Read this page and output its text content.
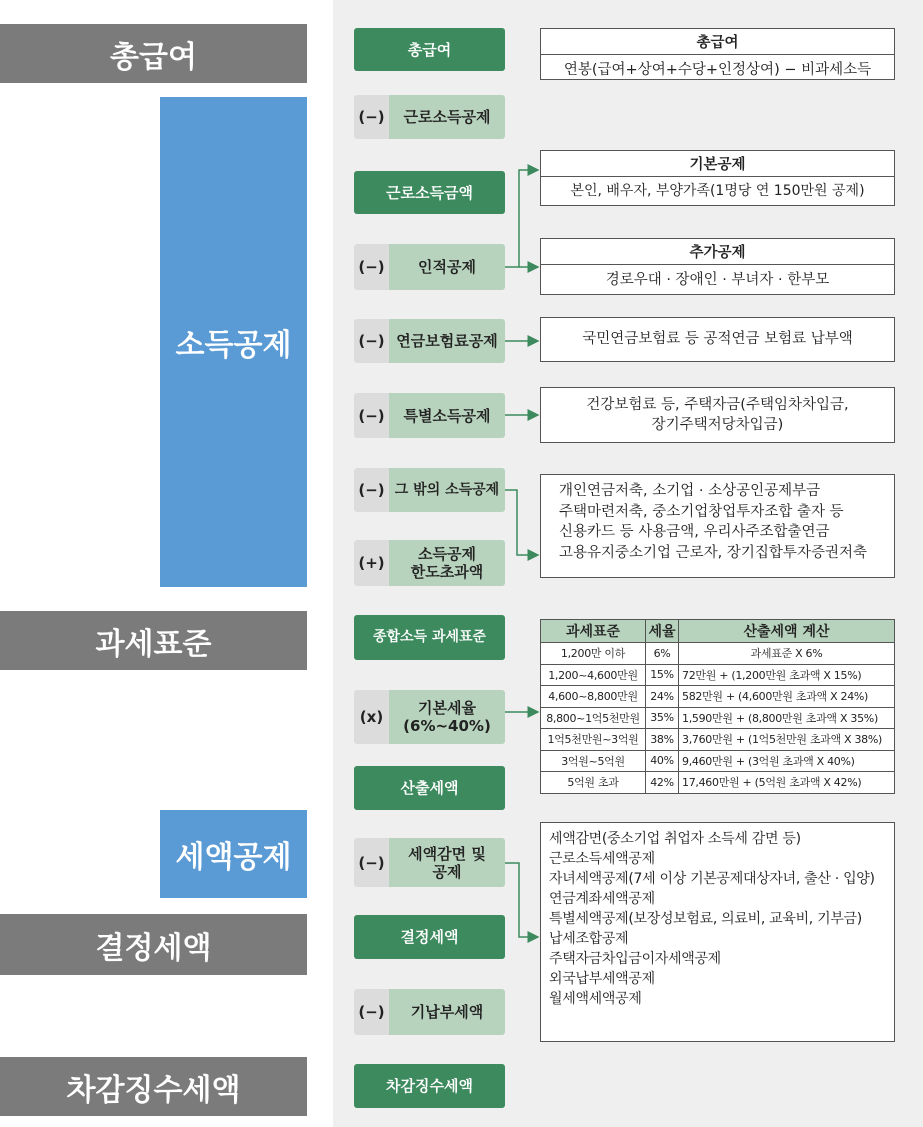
총급여
소득공제
과세표준
세액공제
결정세액
차감징수세액
총급여
(−)	근로소득공제
근로소득금액
(−)	인적공제
(−) 연금보험료공제
(−)	특별소득공제
(−) 그 밖의 소득공제
(+) 소득공제
한도초과액
종합소득 과세표준
(x)	기본세율
(6%~40%)
산출세액
(−) 세액감면 및
공제
결정세액
(−)	기납부세액
차감징수세액
총급여
연봉(급여+상여+수당+인정상여) − 비과세소득
기본공제
본인, 배우자, 부양가족(1명당 연 150만원 공제)
추가공제
경로우대 · 장애인 · 부녀자 · 한부모
국민연금보험료 등 공적연금 보험료 납부액
건강보험료 등, 주택자금(주택임차차입금,
장기주택저당차입금)
개인연금저축, 소기업 · 소상공인공제부금
주택마련저축, 중소기업창업투자조합 출자 등
신용카드 등 사용금액, 우리사주조합출연금
고용유지중소기업 근로자, 장기집합투자증권저축
과세표준	세율	산출세액 계산
1,200만 이하	6%	과세표준 X 6%
1,200~4,600만원	15%	72만원 + (1,200만원 초과액 X 15%)
4,600~8,800만원	24%	582만원 + (4,600만원 초과액 X 24%)
8,800~1억5천만원	35%	1,590만원 + (8,800만원 초과액 X 35%)
1억5천만원~3억원	38%	3,760만원 + (1억5천만원 초과액 X 38%)
3억원~5억원	40%	9,460만원 + (3억원 초과액 X 40%)
5억원 초과	42%	17,460만원 + (5억원 초과액 X 42%)
세액감면(중소기업 취업자 소득세 감면 등)
근로소득세액공제
자녀세액공제(7세 이상 기본공제대상자녀, 출산 · 입양)
연금계좌세액공제
특별세액공제(보장성보험료, 의료비, 교육비, 기부금)
납세조합공제
주택자금차입금이자세액공제
외국납부세액공제
월세액세액공제
